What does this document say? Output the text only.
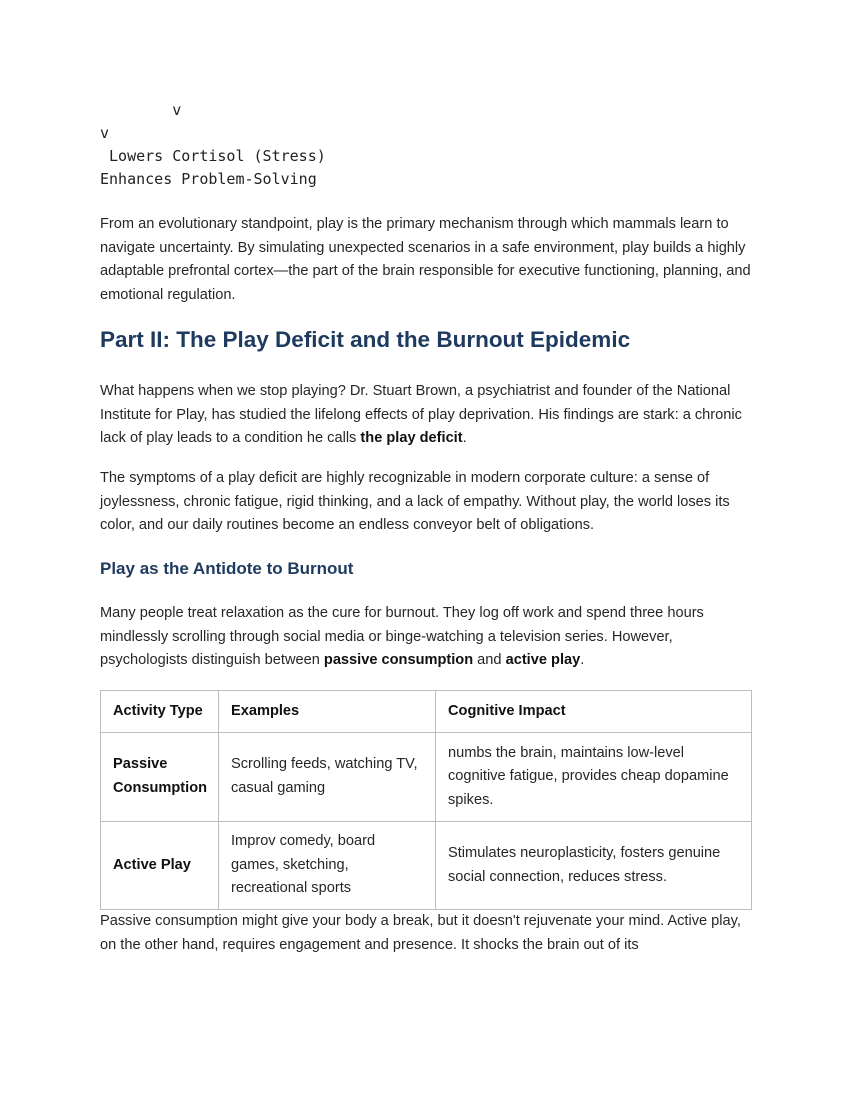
v
v
Lowers Cortisol (Stress)
Enhances Problem-Solving

From an evolutionary standpoint, play is the primary mechanism through which mammals learn to navigate uncertainty. By simulating unexpected scenarios in a safe environment, play builds a highly adaptable prefrontal cortex—the part of the brain responsible for executive functioning, planning, and emotional regulation.

Part II: The Play Deficit and the Burnout Epidemic

What happens when we stop playing? Dr. Stuart Brown, a psychiatrist and founder of the National Institute for Play, has studied the lifelong effects of play deprivation. His findings are stark: a chronic lack of play leads to a condition he calls the play deficit.

The symptoms of a play deficit are highly recognizable in modern corporate culture: a sense of joylessness, chronic fatigue, rigid thinking, and a lack of empathy. Without play, the world loses its color, and our daily routines become an endless conveyor belt of obligations.

Play as the Antidote to Burnout

Many people treat relaxation as the cure for burnout. They log off work and spend three hours mindlessly scrolling through social media or binge-watching a television series. However, psychologists distinguish between passive consumption and active play.

Activity Type	Examples	Cognitive Impact
Passive Consumption	Scrolling feeds, watching TV, casual gaming	numbs the brain, maintains low-level cognitive fatigue, provides cheap dopamine spikes.
Active Play	Improv comedy, board games, sketching, recreational sports	Stimulates neuroplasticity, fosters genuine social connection, reduces stress.

Passive consumption might give your body a break, but it doesn't rejuvenate your mind. Active play, on the other hand, requires engagement and presence. It shocks the brain out of its
